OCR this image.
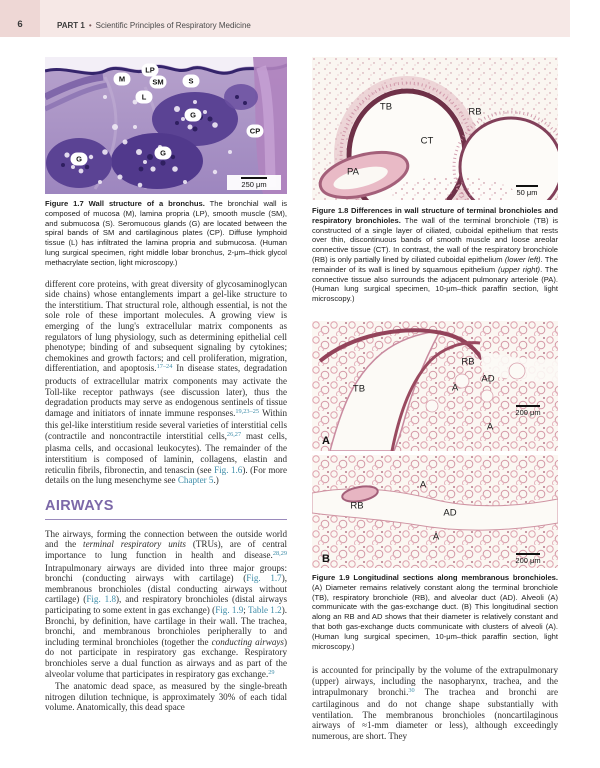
6	PART 1 • Scientific Principles of Respiratory Medicine
M
LP
SM	S
L
G
CP
G
G
250 μm
Figure 1.7 Wall structure of a bronchus. The bronchial wall is composed of mucosa (M), lamina propria (LP), smooth muscle (SM), and submucosa (S). Seromucous glands (G) are located between the spiral bands of SM and cartilaginous plates (CP). Diffuse lymphoid tissue (L) has infiltrated the lamina propria and submucosa. (Human lung surgical specimen, right middle lobar bronchus, 2-μm–thick glycol methacrylate section, light microscopy.)

different core proteins, with great diversity of glycosaminoglycan side chains) whose entanglements impart a gel-like structure to the interstitium. That structural role, although essential, is not the sole role of these important molecules. A growing view is emerging of the lung's extracellular matrix components as regulators of lung physiology, such as determining epithelial cell phenotype; binding of and subsequent signaling by cytokines; chemokines and growth factors; and cell proliferation, migration, differentiation, and apoptosis.$^{17-24}$ In disease states, degradation products of extracellular matrix components may activate the Toll-like receptor pathways (see discussion later), thus the degradation products may serve as endogenous sentinels of tissue damage and initiators of innate immune responses.$^{19,23-25}$ Within this gel-like interstitium reside several varieties of interstitial cells (contractile and noncontractile interstitial cells,$^{26,27}$ mast cells, plasma cells, and occasional leukocytes). The remainder of the interstitium is composed of laminin, collagens, elastin and reticulin fibrils, fibronectin, and tenascin (see Fig. 1.6). (For more details on the lung mesenchyme see Chapter 5.)

AIRWAYS

The airways, forming the connection between the outside world and the terminal respiratory units (TRUs), are of central importance to lung function in health and disease.$^{28,29}$ Intrapulmonary airways are divided into three major groups: bronchi (conducting airways with cartilage) (Fig. 1.7), membranous bronchioles (distal conducting airways without cartilage) (Fig. 1.8), and respiratory bronchioles (distal airways participating to some extent in gas exchange) (Fig. 1.9; Table 1.2). Bronchi, by definition, have cartilage in their wall. The trachea, bronchi, and membranous bronchioles peripherally to and including terminal bronchioles (together the conducting airways) do not participate in respiratory gas exchange. Respiratory bronchioles serve a dual function as airways and as part of the alveolar volume that participates in respiratory gas exchange.$^{29}$

The anatomic dead space, as measured by the single-breath nitrogen dilution technique, is approximately 30% of each tidal volume. Anatomically, this dead space

TB	RB
CT
PA
50 μm
Figure 1.8 Differences in wall structure of terminal bronchioles and respiratory bronchioles. The wall of the terminal bronchiole (TB) is constructed of a single layer of ciliated, cuboidal epithelium that rests over thin, discontinuous bands of smooth muscle and loose areolar connective tissue (CT). In contrast, the wall of the respiratory bronchiole (RB) is only partially lined by ciliated cuboidal epithelium (lower left). The remainder of its wall is lined by squamous epithelium (upper right). The connective tissue also surrounds the adjacent pulmonary arteriole (PA). (Human lung surgical specimen, 10-μm–thick paraffin section, light microscopy.)
TB
RB
AD
A
A
A
200 μm
A
RB
AD
A
B	200 μm
Figure 1.9 Longitudinal sections along membranous bronchioles. (A) Diameter remains relatively constant along the terminal bronchiole (TB), respiratory bronchiole (RB), and alveolar duct (AD). Alveoli (A) communicate with the gas-exchange duct. (B) This longitudinal section along an RB and AD shows that their diameter is relatively constant and that both gas-exchange ducts communicate with clusters of alveoli (A). (Human lung surgical specimen, 10-μm–thick paraffin section, light microscopy.)

is accounted for principally by the volume of the extrapulmonary (upper) airways, including the nasopharynx, trachea, and the intrapulmonary bronchi.$^{30}$ The trachea and bronchi are cartilaginous and do not change shape substantially with ventilation. The membranous bronchioles (noncartilaginous airways of ≈1-mm diameter or less), although exceedingly numerous, are short. They
